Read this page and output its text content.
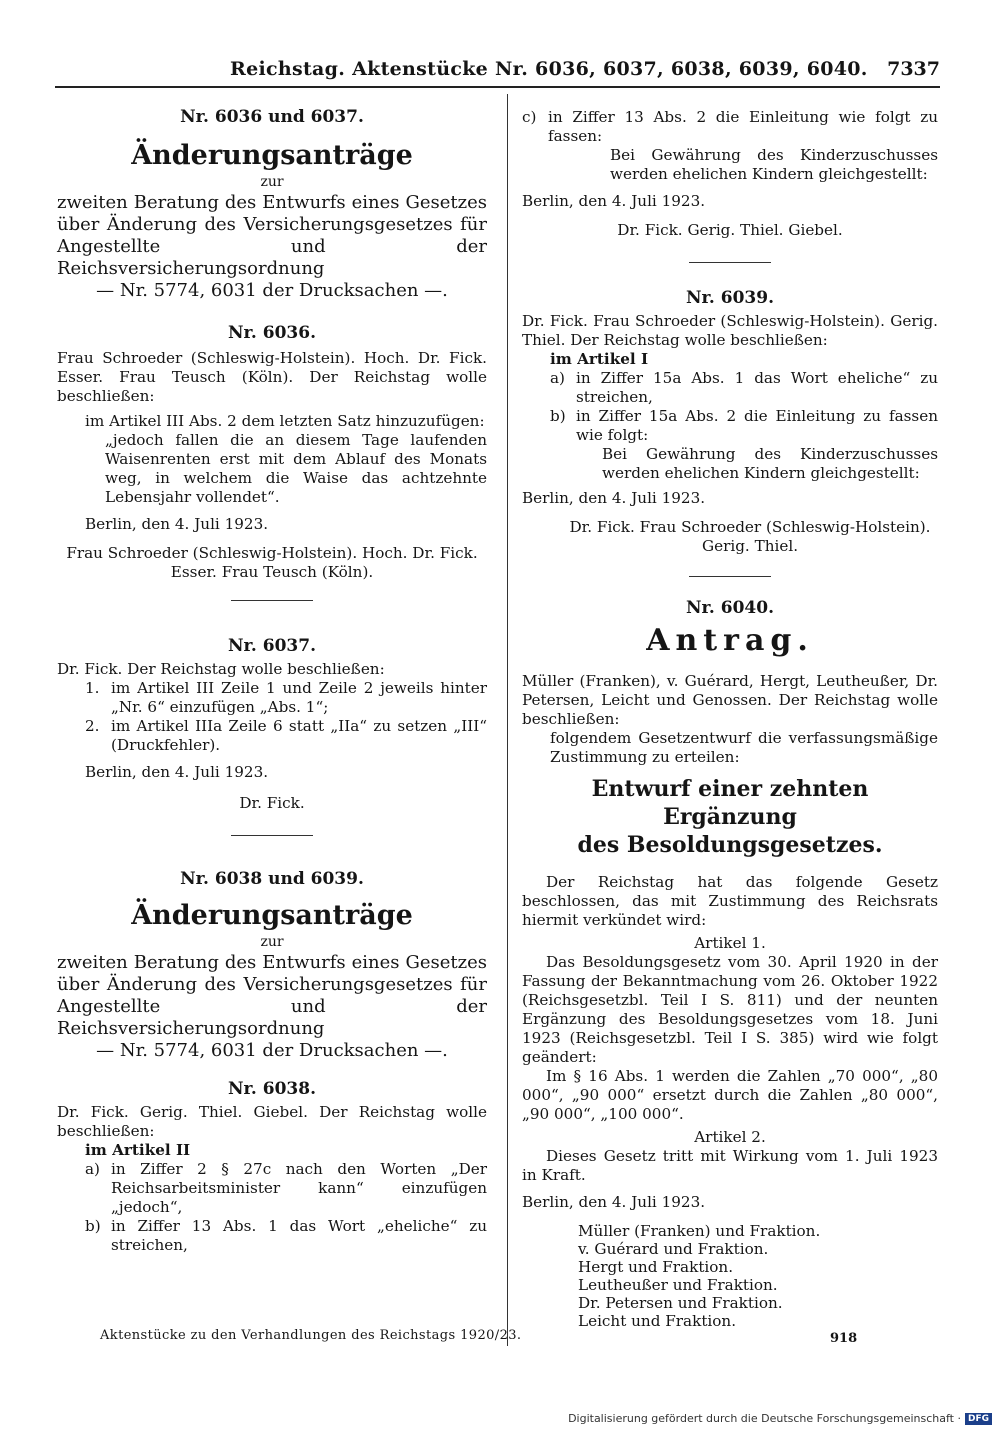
Reichstag. Aktenstücke Nr. 6036, 6037, 6038, 6039, 6040. 7337

Nr. 6036 und 6037.

Änderungsanträge

zur

zweiten Beratung des Entwurfs eines Gesetzes über Änderung des Versicherungsgesetzes für Angestellte und der Reichsversicherungsordnung

— Nr. 5774, 6031 der Drucksachen —.

Nr. 6036.

Frau Schroeder (Schleswig-Holstein). Hoch. Dr. Fick. Esser. Frau Teusch (Köln). Der Reichstag wolle beschließen:

im Artikel III Abs. 2 dem letzten Satz hinzuzufügen:

„jedoch fallen die an diesem Tage laufenden Waisenrenten erst mit dem Ablauf des Monats weg, in welchem die Waise das achtzehnte Lebensjahr vollendet“.

Berlin, den 4. Juli 1923.

Frau Schroeder (Schleswig-Holstein). Hoch. Dr. Fick. Esser. Frau Teusch (Köln).

Nr. 6037.

Dr. Fick. Der Reichstag wolle beschließen:

1. im Artikel III Zeile 1 und Zeile 2 jeweils hinter „Nr. 6“ einzufügen „Abs. 1“;
2. im Artikel IIIa Zeile 6 statt „IIa“ zu setzen „III“ (Druckfehler).

Berlin, den 4. Juli 1923.

Dr. Fick.

Nr. 6038 und 6039.

Änderungsanträge

zur

zweiten Beratung des Entwurfs eines Gesetzes über Änderung des Versicherungsgesetzes für Angestellte und der Reichsversicherungsordnung

— Nr. 5774, 6031 der Drucksachen —.

Nr. 6038.

Dr. Fick. Gerig. Thiel. Giebel. Der Reichstag wolle beschließen:

im Artikel II

a) in Ziffer 2 § 27c nach den Worten „Der Reichsarbeitsminister kann“ einzufügen „jedoch“,
b) in Ziffer 13 Abs. 1 das Wort „eheliche“ zu streichen,
c) in Ziffer 13 Abs. 2 die Einleitung wie folgt zu fassen:

Bei Gewährung des Kinderzuschusses werden ehelichen Kindern gleichgestellt:

Berlin, den 4. Juli 1923.

Dr. Fick. Gerig. Thiel. Giebel.

Nr. 6039.

Dr. Fick. Frau Schroeder (Schleswig-Holstein). Gerig. Thiel. Der Reichstag wolle beschließen:

im Artikel I

a) in Ziffer 15a Abs. 1 das Wort eheliche“ zu streichen,
b) in Ziffer 15a Abs. 2 die Einleitung zu fassen wie folgt:

Bei Gewährung des Kinderzuschusses werden ehelichen Kindern gleichgestellt:

Berlin, den 4. Juli 1923.

Dr. Fick. Frau Schroeder (Schleswig-Holstein). Gerig. Thiel.

Nr. 6040.

Antrag.

Müller (Franken), v. Guérard, Hergt, Leutheußer, Dr. Petersen, Leicht und Genossen. Der Reichstag wolle beschließen:

folgendem Gesetzentwurf die verfassungsmäßige Zustimmung zu erteilen:

Entwurf einer zehnten Ergänzung

des Besoldungsgesetzes.

Der Reichstag hat das folgende Gesetz beschlossen, das mit Zustimmung des Reichsrats hiermit verkündet wird:

Artikel 1.

Das Besoldungsgesetz vom 30. April 1920 in der Fassung der Bekanntmachung vom 26. Oktober 1922 (Reichsgesetzbl. Teil I S. 811) und der neunten Ergänzung des Besoldungsgesetzes vom 18. Juni 1923 (Reichsgesetzbl. Teil I S. 385) wird wie folgt geändert:

Im § 16 Abs. 1 werden die Zahlen „70 000“, „80 000“, „90 000“ ersetzt durch die Zahlen „80 000“, „90 000“, „100 000“.

Artikel 2.

Dieses Gesetz tritt mit Wirkung vom 1. Juli 1923 in Kraft.

Berlin, den 4. Juli 1923.

Müller (Franken) und Fraktion.

v. Guérard und Fraktion.

Hergt und Fraktion.

Leutheußer und Fraktion.

Dr. Petersen und Fraktion.

Leicht und Fraktion.

Aktenstücke zu den Verhandlungen des Reichstags 1920/23.	918
Digitalisierung gefördert durch die Deutsche Forschungsgemeinschaft · DFG
